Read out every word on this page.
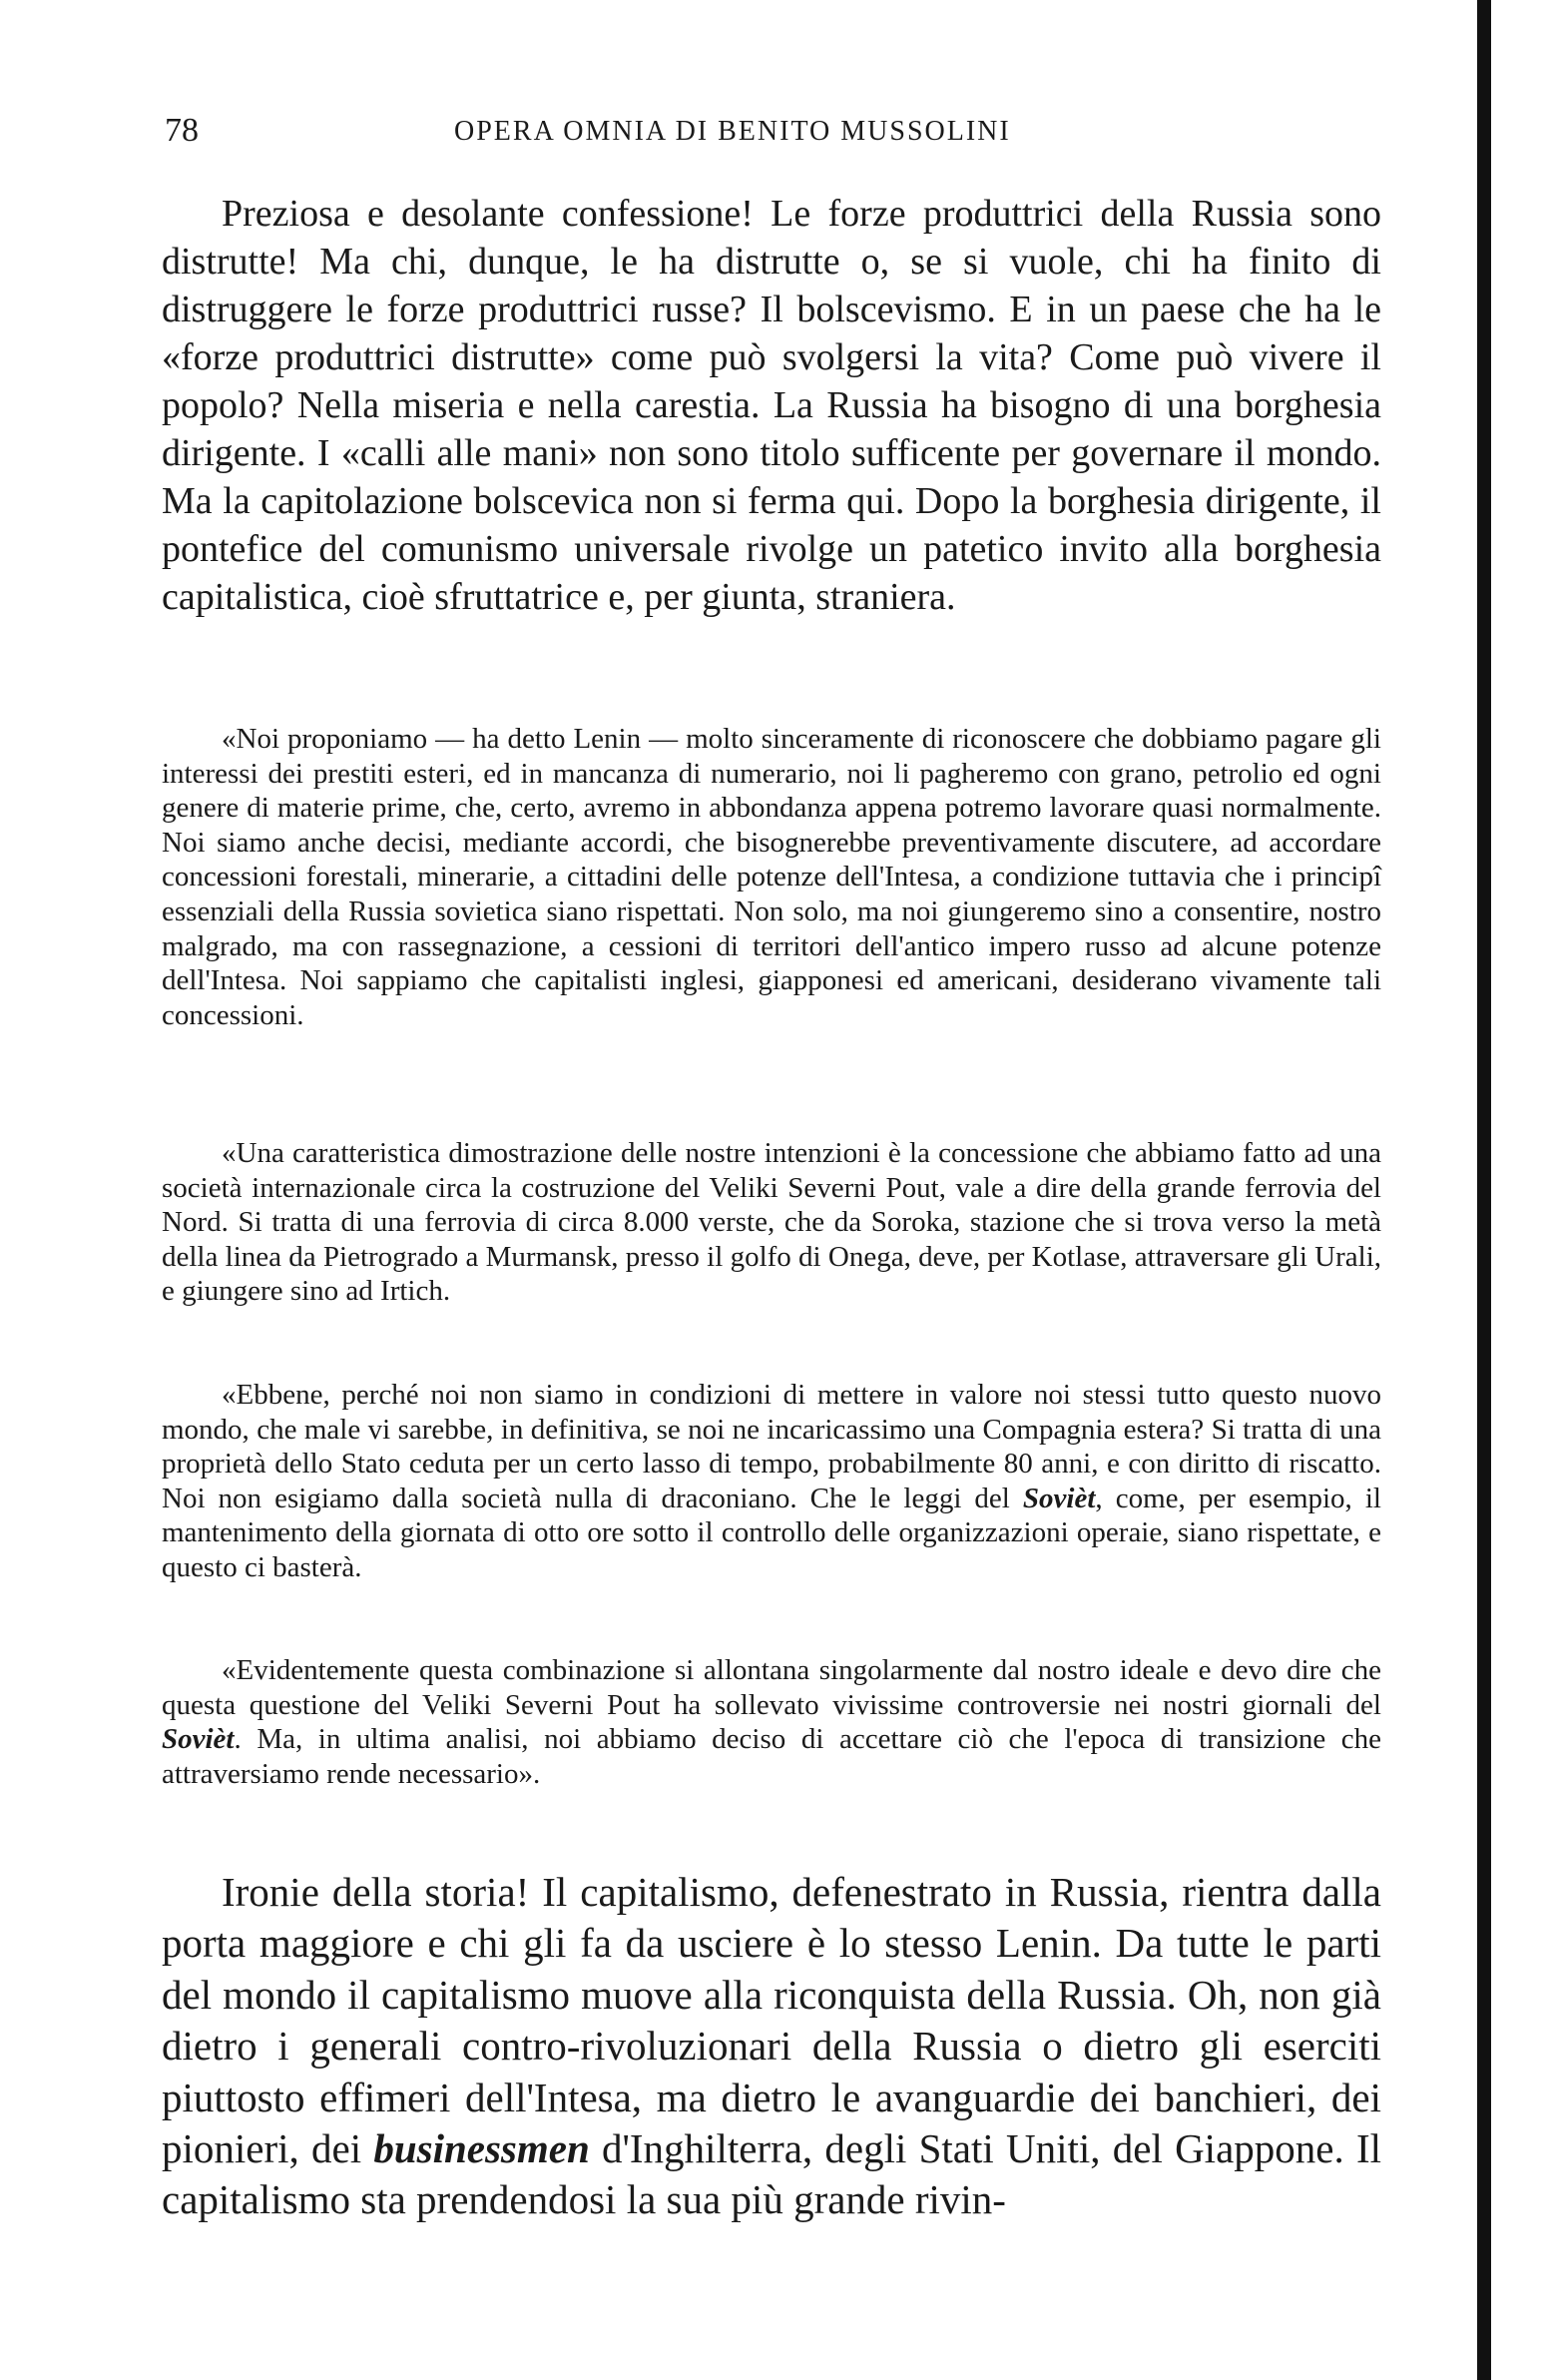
78	OPERA OMNIA DI BENITO MUSSOLINI

Preziosa e desolante confessione! Le forze produttrici della Russia sono distrutte! Ma chi, dunque, le ha distrutte o, se si vuole, chi ha finito di distruggere le forze produttrici russe? Il bolscevismo. E in un paese che ha le «forze produttrici distrutte» come può svolgersi la vita? Come può vivere il popolo? Nella miseria e nella carestia. La Russia ha bisogno di una borghesia dirigente. I «calli alle mani» non sono titolo sufficente per governare il mondo. Ma la capitolazione bolscevica non si ferma qui. Dopo la borghesia dirigente, il pontefice del comunismo universale rivolge un patetico invito alla borghesia capitalistica, cioè sfruttatrice e, per giunta, straniera.

«Noi proponiamo — ha detto Lenin — molto sinceramente di riconoscere che dobbiamo pagare gli interessi dei prestiti esteri, ed in mancanza di numerario, noi li pagheremo con grano, petrolio ed ogni genere di materie prime, che, certo, avremo in abbondanza appena potremo lavorare quasi normalmente. Noi siamo anche decisi, mediante accordi, che bisognerebbe preventivamente discutere, ad accordare concessioni forestali, minerarie, a cittadini delle potenze dell'Intesa, a condizione tuttavia che i principî essenziali della Russia sovietica siano rispettati. Non solo, ma noi giungeremo sino a consentire, nostro malgrado, ma con rassegnazione, a cessioni di territori dell'antico impero russo ad alcune potenze dell'Intesa. Noi sappiamo che capitalisti inglesi, giapponesi ed americani, desiderano vivamente tali concessioni.

«Una caratteristica dimostrazione delle nostre intenzioni è la concessione che abbiamo fatto ad una società internazionale circa la costruzione del Veliki Severni Pout, vale a dire della grande ferrovia del Nord. Si tratta di una ferrovia di circa 8.000 verste, che da Soroka, stazione che si trova verso la metà della linea da Pietrogrado a Murmansk, presso il golfo di Onega, deve, per Kotlase, attraversare gli Urali, e giungere sino ad Irtich.

«Ebbene, perché noi non siamo in condizioni di mettere in valore noi stessi tutto questo nuovo mondo, che male vi sarebbe, in definitiva, se noi ne incaricassimo una Compagnia estera? Si tratta di una proprietà dello Stato ceduta per un certo lasso di tempo, probabilmente 80 anni, e con diritto di riscatto. Noi non esigiamo dalla società nulla di draconiano. Che le leggi del Sovièt, come, per esempio, il mantenimento della giornata di otto ore sotto il controllo delle organizzazioni operaie, siano rispettate, e questo ci basterà.

«Evidentemente questa combinazione si allontana singolarmente dal nostro ideale e devo dire che questa questione del Veliki Severni Pout ha sollevato vivissime controversie nei nostri giornali del Sovièt. Ma, in ultima analisi, noi abbiamo deciso di accettare ciò che l'epoca di transizione che attraversiamo rende necessario».

Ironie della storia! Il capitalismo, defenestrato in Russia, rientra dalla porta maggiore e chi gli fa da usciere è lo stesso Lenin. Da tutte le parti del mondo il capitalismo muove alla riconquista della Russia. Oh, non già dietro i generali contro-rivoluzionari della Russia o dietro gli eserciti piuttosto effimeri dell'Intesa, ma dietro le avanguardie dei banchieri, dei pionieri, dei businessmen d'Inghilterra, degli Stati Uniti, del Giappone. Il capitalismo sta prendendosi la sua più grande rivin-
